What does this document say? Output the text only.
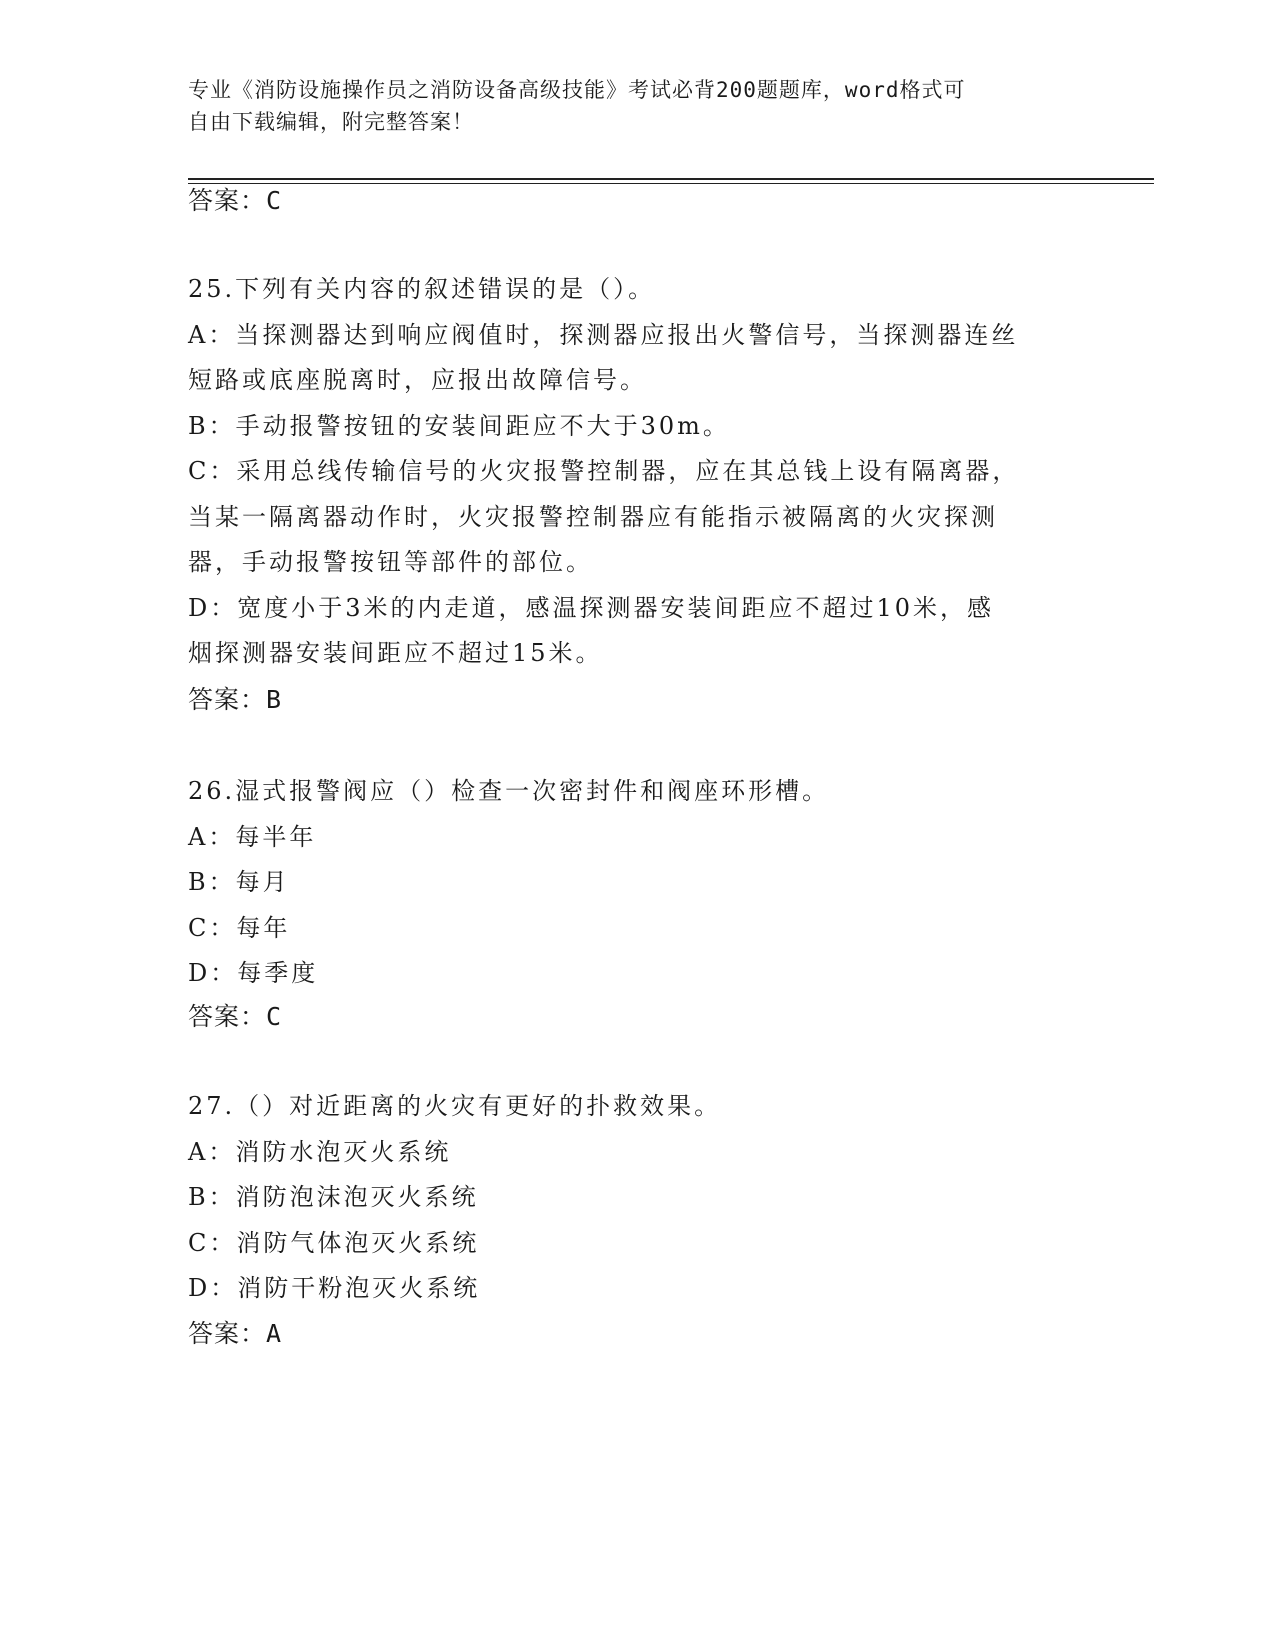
专业《消防设施操作员之消防设备高级技能》考试必背200题题库，word格式可
自由下载编辑，附完整答案！
答案：C
25.下列有关内容的叙述错误的是（）。
A：当探测器达到响应阀值时，探测器应报出火警信号，当探测器连丝
短路或底座脱离时，应报出故障信号。
B：手动报警按钮的安装间距应不大于30m。
C：采用总线传输信号的火灾报警控制器，应在其总钱上设有隔离器，
当某一隔离器动作时，火灾报警控制器应有能指示被隔离的火灾探测
器，手动报警按钮等部件的部位。
D：宽度小于3米的内走道，感温探测器安装间距应不超过10米，感
烟探测器安装间距应不超过15米。
答案：B
26.湿式报警阀应（）检查一次密封件和阀座环形槽。
A：每半年
B：每月
C：每年
D：每季度
答案：C
27.（）对近距离的火灾有更好的扑救效果。
A：消防水泡灭火系统
B：消防泡沫泡灭火系统
C：消防气体泡灭火系统
D：消防干粉泡灭火系统
答案：A
